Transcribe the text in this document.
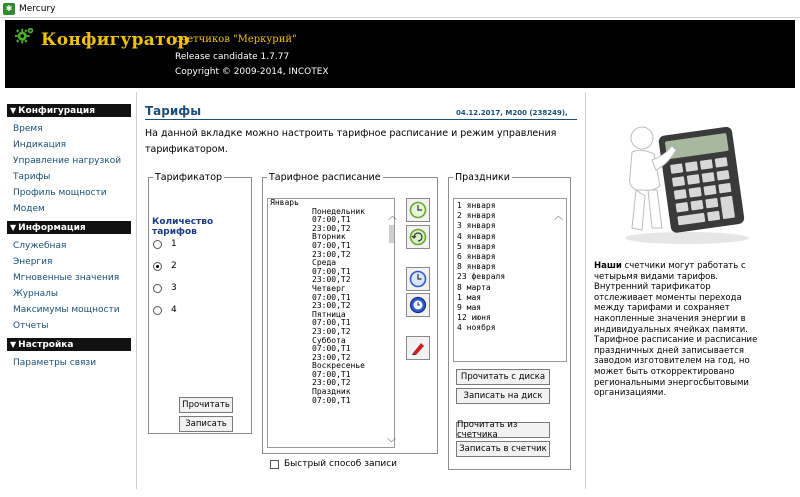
✱ Mercury
Конфигуратор
счетчиков "Меркурий"
Release candidate 1.7.77
Copyright © 2009-2014, INCOTEX
▼ Конфигурация
Время
Индикация
Управление нагрузкой
Тарифы
Профиль мощности
Модем
▼ Информация
Служебная
Энергия
Мгновенные значения
Журналы
Максимумы мощности
Отчеты
▼ Настройка
Параметры связи
Тарифы	04.12.2017, M200 (238249),
На данной вкладке можно настроить тарифное расписание и режим управления тарификатором.
Тарификатор
Количество тарифов
1
2
3
4
Прочитать
Записать
Тарифное расписание
Январь
Понедельник
07:00,T1
23:00,T2
Вторник
07:00,T1
23:00,T2
Среда
07:00,T1
23:00,T2
Четверг
07:00,T1
23:00,T2
Пятница
07:00,T1
23:00,T2
Суббота
07:00,T1
23:00,T2
Воскресенье
07:00,T1
23:00,T2
Праздник
07:00,T1
︿
﹀
Быстрый способ записи
Праздники
1 января
2 января
3 января
4 января
5 января
6 января
8 января
23 февраля
8 марта
1 мая
9 мая
12 июня
4 ноября
︿
Прочитать с диска
Записать на диск
Прочитать из счетчика
Записать в счетчик
Наши счетчики могут работать с четырьмя видами тарифов. Внутренний тарификатор отслеживает моменты перехода между тарифами и сохраняет накопленные значения энергии в индивидуальных ячейках памяти. Тарифное расписание и расписание праздничных дней записывается заводом изготовителем на год, но может быть откорректировано региональными энергосбытовыми организациями.
